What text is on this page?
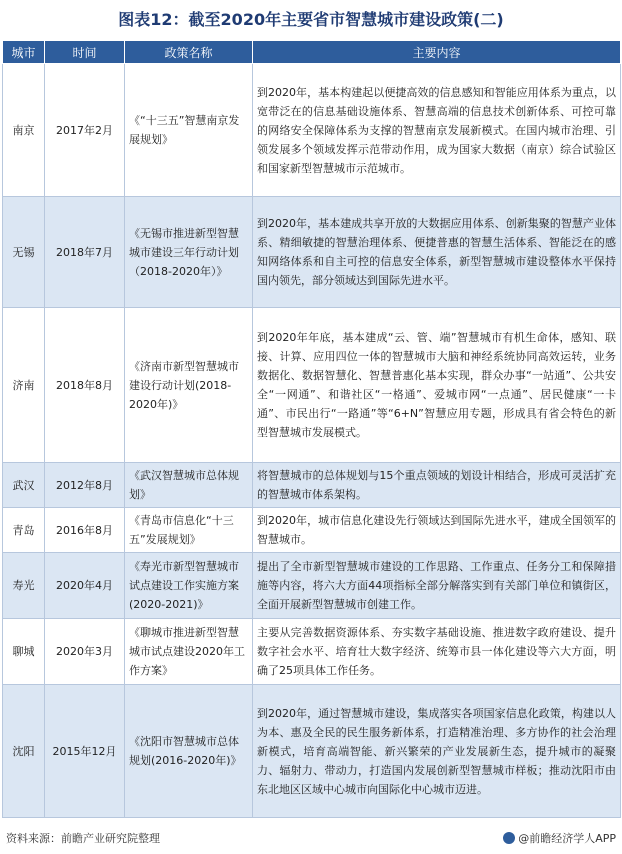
图表12：截至2020年主要省市智慧城市建设政策(二)
城市	时间	政策名称	主要内容
南京	2017年2月	《“十三五”智慧南京发展规划》	到2020年，基本构建起以便捷高效的信息感知和智能应用体系为重点，以宽带泛在的信息基础设施体系、智慧高端的信息技术创新体系、可控可靠的网络安全保障体系为支撑的智慧南京发展新模式。在国内城市治理、引领发展多个领域发挥示范带动作用，成为国家大数据（南京）综合试验区和国家新型智慧城市示范城市。
无锡	2018年7月	《无锡市推进新型智慧城市建设三年行动计划（2018-2020年）》	到2020年，基本建成共享开放的大数据应用体系、创新集聚的智慧产业体系、精细敏捷的智慧治理体系、便捷普惠的智慧生活体系、智能泛在的感知网络体系和自主可控的信息安全体系，新型智慧城市建设整体水平保持国内领先，部分领域达到国际先进水平。
济南	2018年8月	《济南市新型智慧城市建设行动计划(2018-2020年)》	到2020年年底，基本建成“云、管、端”智慧城市有机生命体，感知、联接、计算、应用四位一体的智慧城市大脑和神经系统协同高效运转，业务数据化、数据智慧化、智慧普惠化基本实现，群众办事“一站通”、公共安全“一网通”、和谐社区“一格通”、爱城市网“一点通”、居民健康“一卡通”、市民出行“一路通”等“6+N”智慧应用专题，形成具有省会特色的新型智慧城市发展模式。
武汉	2012年8月	《武汉智慧城市总体规划》	将智慧城市的总体规划与15个重点领域的划设计相结合，形成可灵活扩充的智慧城市体系架构。
青岛	2016年8月	《青岛市信息化“十三五”发展规划》	到2020年，城市信息化建设先行领域达到国际先进水平，建成全国领军的智慧城市。
寿光	2020年4月	《寿光市新型智慧城市试点建设工作实施方案(2020-2021)》	提出了全市新型智慧城市建设的工作思路、工作重点、任务分工和保障措施等内容，将六大方面44项指标全部分解落实到有关部门单位和镇街区，全面开展新型智慧城市创建工作。
聊城	2020年3月	《聊城市推进新型智慧城市试点建设2020年工作方案》	主要从完善数据资源体系、夯实数字基础设施、推进数字政府建设、提升数字社会水平、培育壮大数字经济、统筹市县一体化建设等六大方面，明确了25项具体工作任务。
沈阳	2015年12月	《沈阳市智慧城市总体规划(2016-2020年)》	到2020年，通过智慧城市建设，集成落实各项国家信息化政策，构建以人为本、惠及全民的民生服务新体系，打造精准治理、多方协作的社会治理新模式，培育高端智能、新兴繁荣的产业发展新生态，提升城市的凝聚力、辐射力、带动力，打造国内发展创新型智慧城市样板；推动沈阳市由东北地区区域中心城市向国际化中心城市迈进。
资料来源：前瞻产业研究院整理	@前瞻经济学人APP
